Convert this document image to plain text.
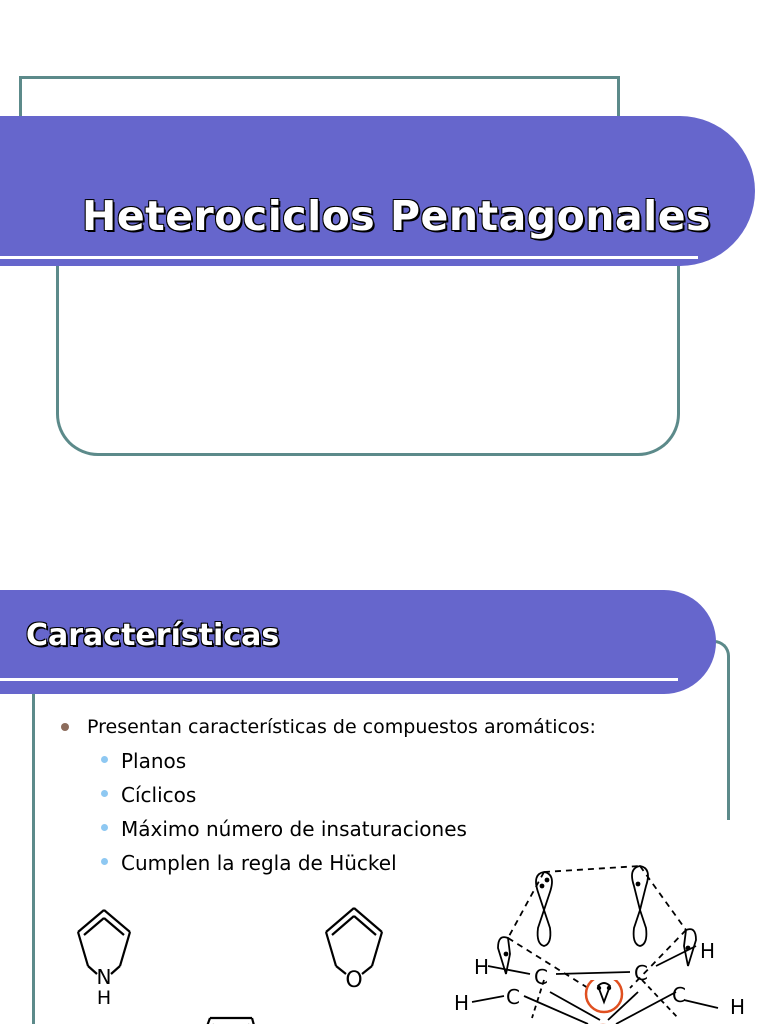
Heterociclos Pentagonales
Características
Presentan características de compuestos aromáticos:
Planos
Cíclicos
Máximo número de insaturaciones
Cumplen la regla de Hückel
N
H
O
H C	C
H
H C	C H
